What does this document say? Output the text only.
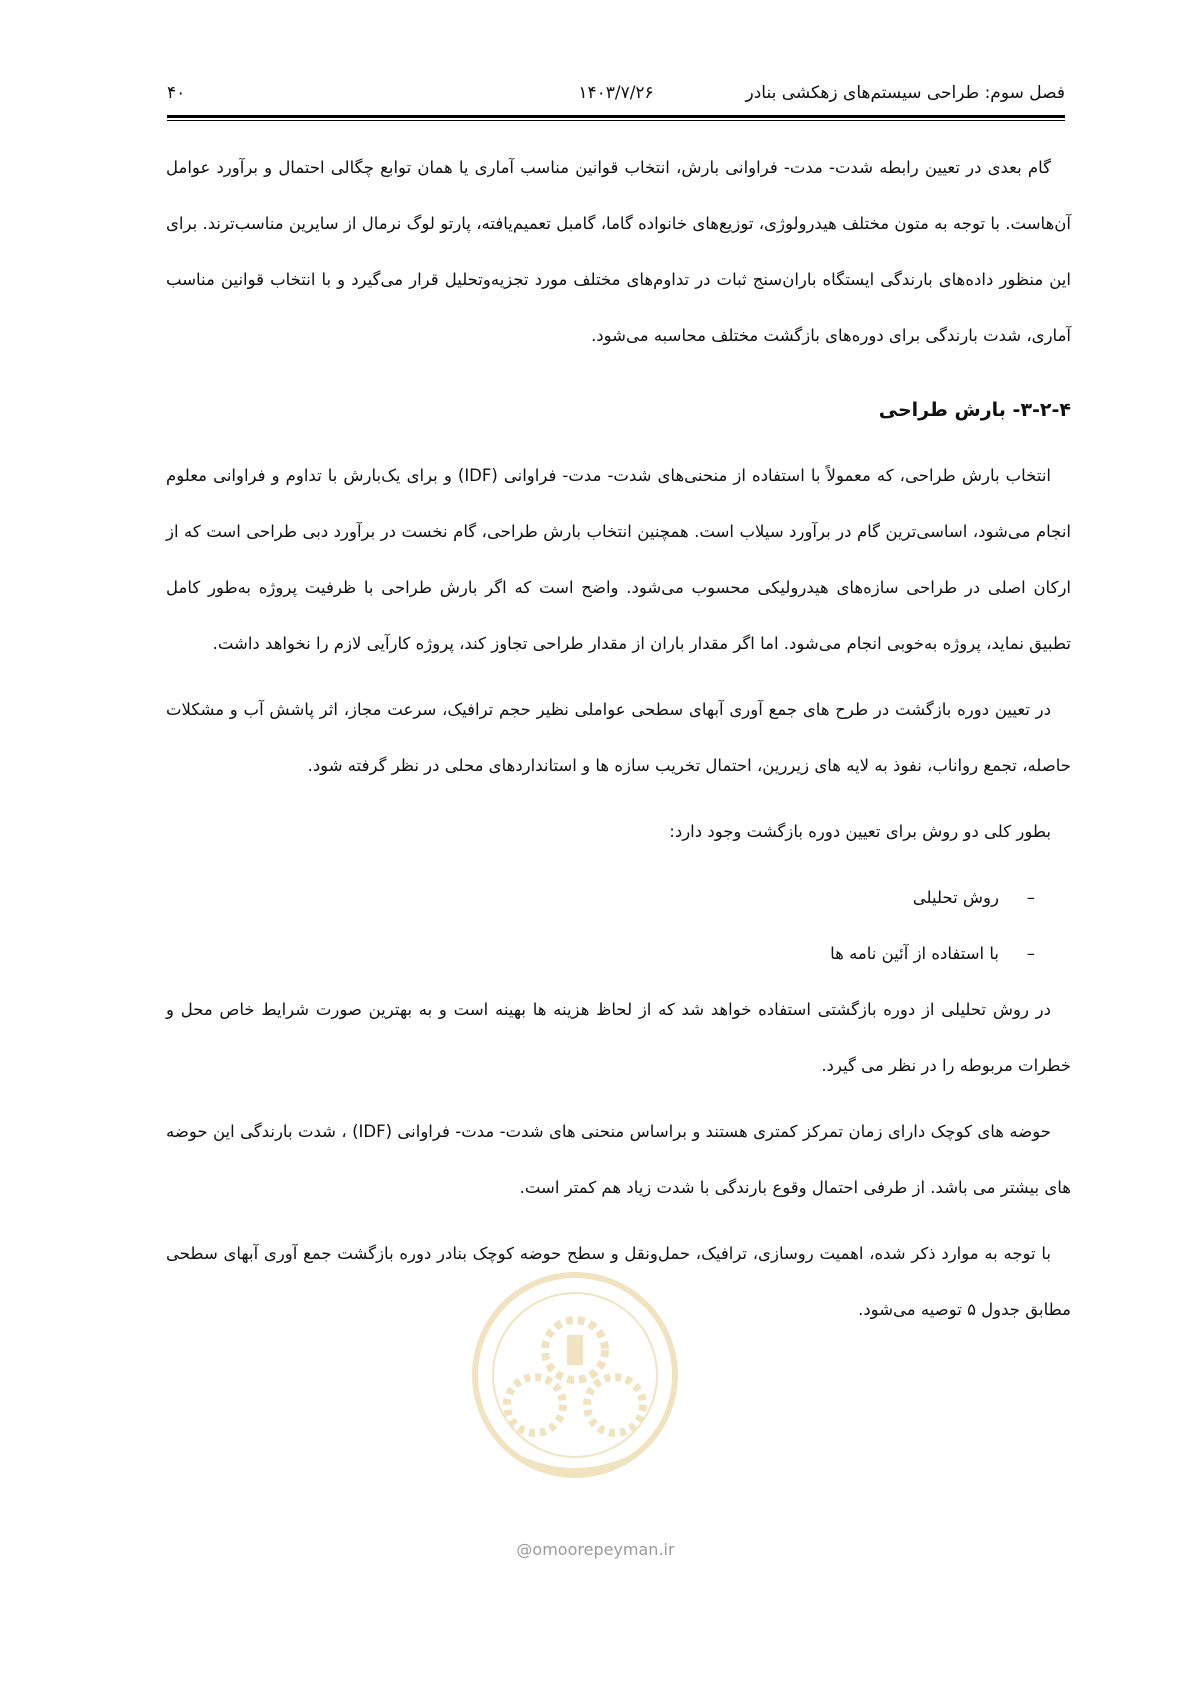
فصل سوم: طراحی سیستم‌های زهکشی بنادر
۱۴۰۳/۷/۲۶
۴۰

گام بعدی در تعیین رابطه شدت- مدت- فراوانی بارش، انتخاب قوانین مناسب آماری یا همان توابع چگالی احتمال و برآورد عوامل آن‌هاست. با توجه به متون مختلف هیدرولوژی، توزیع‌های خانواده گاما، گامبل تعمیم‌یافته، پارتو لوگ نرمال از سایرین مناسب‌ترند. برای این منظور داده‌های بارندگی ایستگاه باران‌سنج ثبات در تداوم‌های مختلف مورد تجزیه‌وتحلیل قرار می‌گیرد و با انتخاب قوانین مناسب آماری، شدت بارندگی برای دوره‌های بازگشت مختلف محاسبه می‌شود.

۳-۲-۴- بارش طراحی

انتخاب بارش طراحی، که معمولاً با استفاده از منحنی‌های شدت- مدت- فراوانی (IDF) و برای یک‌بارش با تداوم و فراوانی معلوم انجام می‌شود، اساسی‌ترین گام در برآورد سیلاب است. همچنین انتخاب بارش طراحی، گام نخست در برآورد دبی طراحی است که از ارکان اصلی در طراحی سازه‌های هیدرولیکی محسوب می‌شود. واضح است که اگر بارش طراحی با ظرفیت پروژه به‌طور کامل تطبیق نماید، پروژه به‌خوبی انجام می‌شود. اما اگر مقدار باران از مقدار طراحی تجاوز کند، پروژه کارآیی لازم را نخواهد داشت.

در تعیین دوره بازگشت در طرح های جمع آوری آبهای سطحی عواملی نظیر حجم ترافیک، سرعت مجاز، اثر پاشش آب و مشکلات حاصله، تجمع رواناب، نفوذ به لایه های زیررین، احتمال تخریب سازه ها و استانداردهای محلی در نظر گرفته شود.

بطور کلی دو روش برای تعیین دوره بازگشت وجود دارد:

–روش تحلیلی
–با استفاده از آئین نامه ها

در روش تحلیلی از دوره بازگشتی استفاده خواهد شد که از لحاظ هزینه ها بهینه است و به بهترین صورت شرایط خاص محل و خطرات مربوطه را در نظر می گیرد.

حوضه های کوچک دارای زمان تمرکز کمتری هستند و براساس منحنی های شدت- مدت- فراوانی (IDF) ، شدت بارندگی این حوضه های بیشتر می باشد. از طرفی احتمال وقوع بارندگی با شدت زیاد هم کمتر است.

با توجه به موارد ذکر شده، اهمیت روسازی، ترافیک، حمل‌ونقل و سطح حوضه کوچک بنادر دوره بازگشت جمع آوری آبهای سطحی مطابق جدول ۵ توصیه می‌شود.

@omoorepeyman.ir
